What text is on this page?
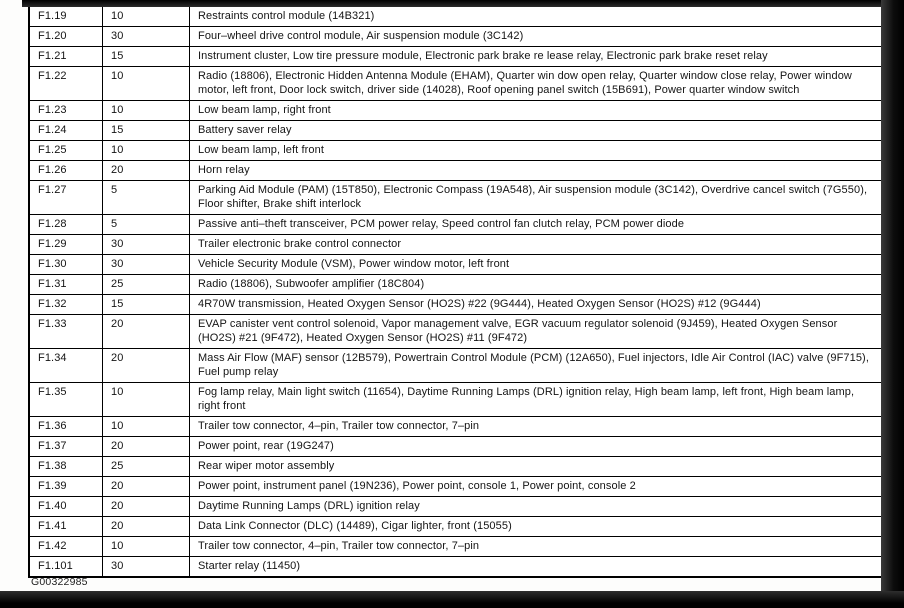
F1.19	10	Restraints control module (14B321)
F1.20	30	Four–wheel drive control module, Air suspension module (3C142)
F1.21	15	Instrument cluster, Low tire pressure module, Electronic park brake re lease relay, Electronic park brake reset relay
F1.22	10	Radio (18806), Electronic Hidden Antenna Module (EHAM), Quarter win dow open relay, Quarter window close relay, Power window motor, left front, Door lock switch, driver side (14028), Roof opening panel switch (15B691), Power quarter window switch
F1.23	10	Low beam lamp, right front
F1.24	15	Battery saver relay
F1.25	10	Low beam lamp, left front
F1.26	20	Horn relay
F1.27	5	Parking Aid Module (PAM) (15T850), Electronic Compass (19A548), Air suspension module (3C142), Overdrive cancel switch (7G550), Floor shifter, Brake shift interlock
F1.28	5	Passive anti–theft transceiver, PCM power relay, Speed control fan clutch relay, PCM power diode
F1.29	30	Trailer electronic brake control connector
F1.30	30	Vehicle Security Module (VSM), Power window motor, left front
F1.31	25	Radio (18806), Subwoofer amplifier (18C804)
F1.32	15	4R70W transmission, Heated Oxygen Sensor (HO2S) #22 (9G444), Heated Oxygen Sensor (HO2S) #12 (9G444)
F1.33	20	EVAP canister vent control solenoid, Vapor management valve, EGR vacuum regulator solenoid (9J459), Heated Oxygen Sensor (HO2S) #21 (9F472), Heated Oxygen Sensor (HO2S) #11 (9F472)
F1.34	20	Mass Air Flow (MAF) sensor (12B579), Powertrain Control Module (PCM) (12A650), Fuel injectors, Idle Air Control (IAC) valve (9F715), Fuel pump relay
F1.35	10	Fog lamp relay, Main light switch (11654), Daytime Running Lamps (DRL) ignition relay, High beam lamp, left front, High beam lamp, right front
F1.36	10	Trailer tow connector, 4–pin, Trailer tow connector, 7–pin
F1.37	20	Power point, rear (19G247)
F1.38	25	Rear wiper motor assembly
F1.39	20	Power point, instrument panel (19N236), Power point, console 1, Power point, console 2
F1.40	20	Daytime Running Lamps (DRL) ignition relay
F1.41	20	Data Link Connector (DLC) (14489), Cigar lighter, front (15055)
F1.42	10	Trailer tow connector, 4–pin, Trailer tow connector, 7–pin
F1.101	30	Starter relay (11450)
G00322985
